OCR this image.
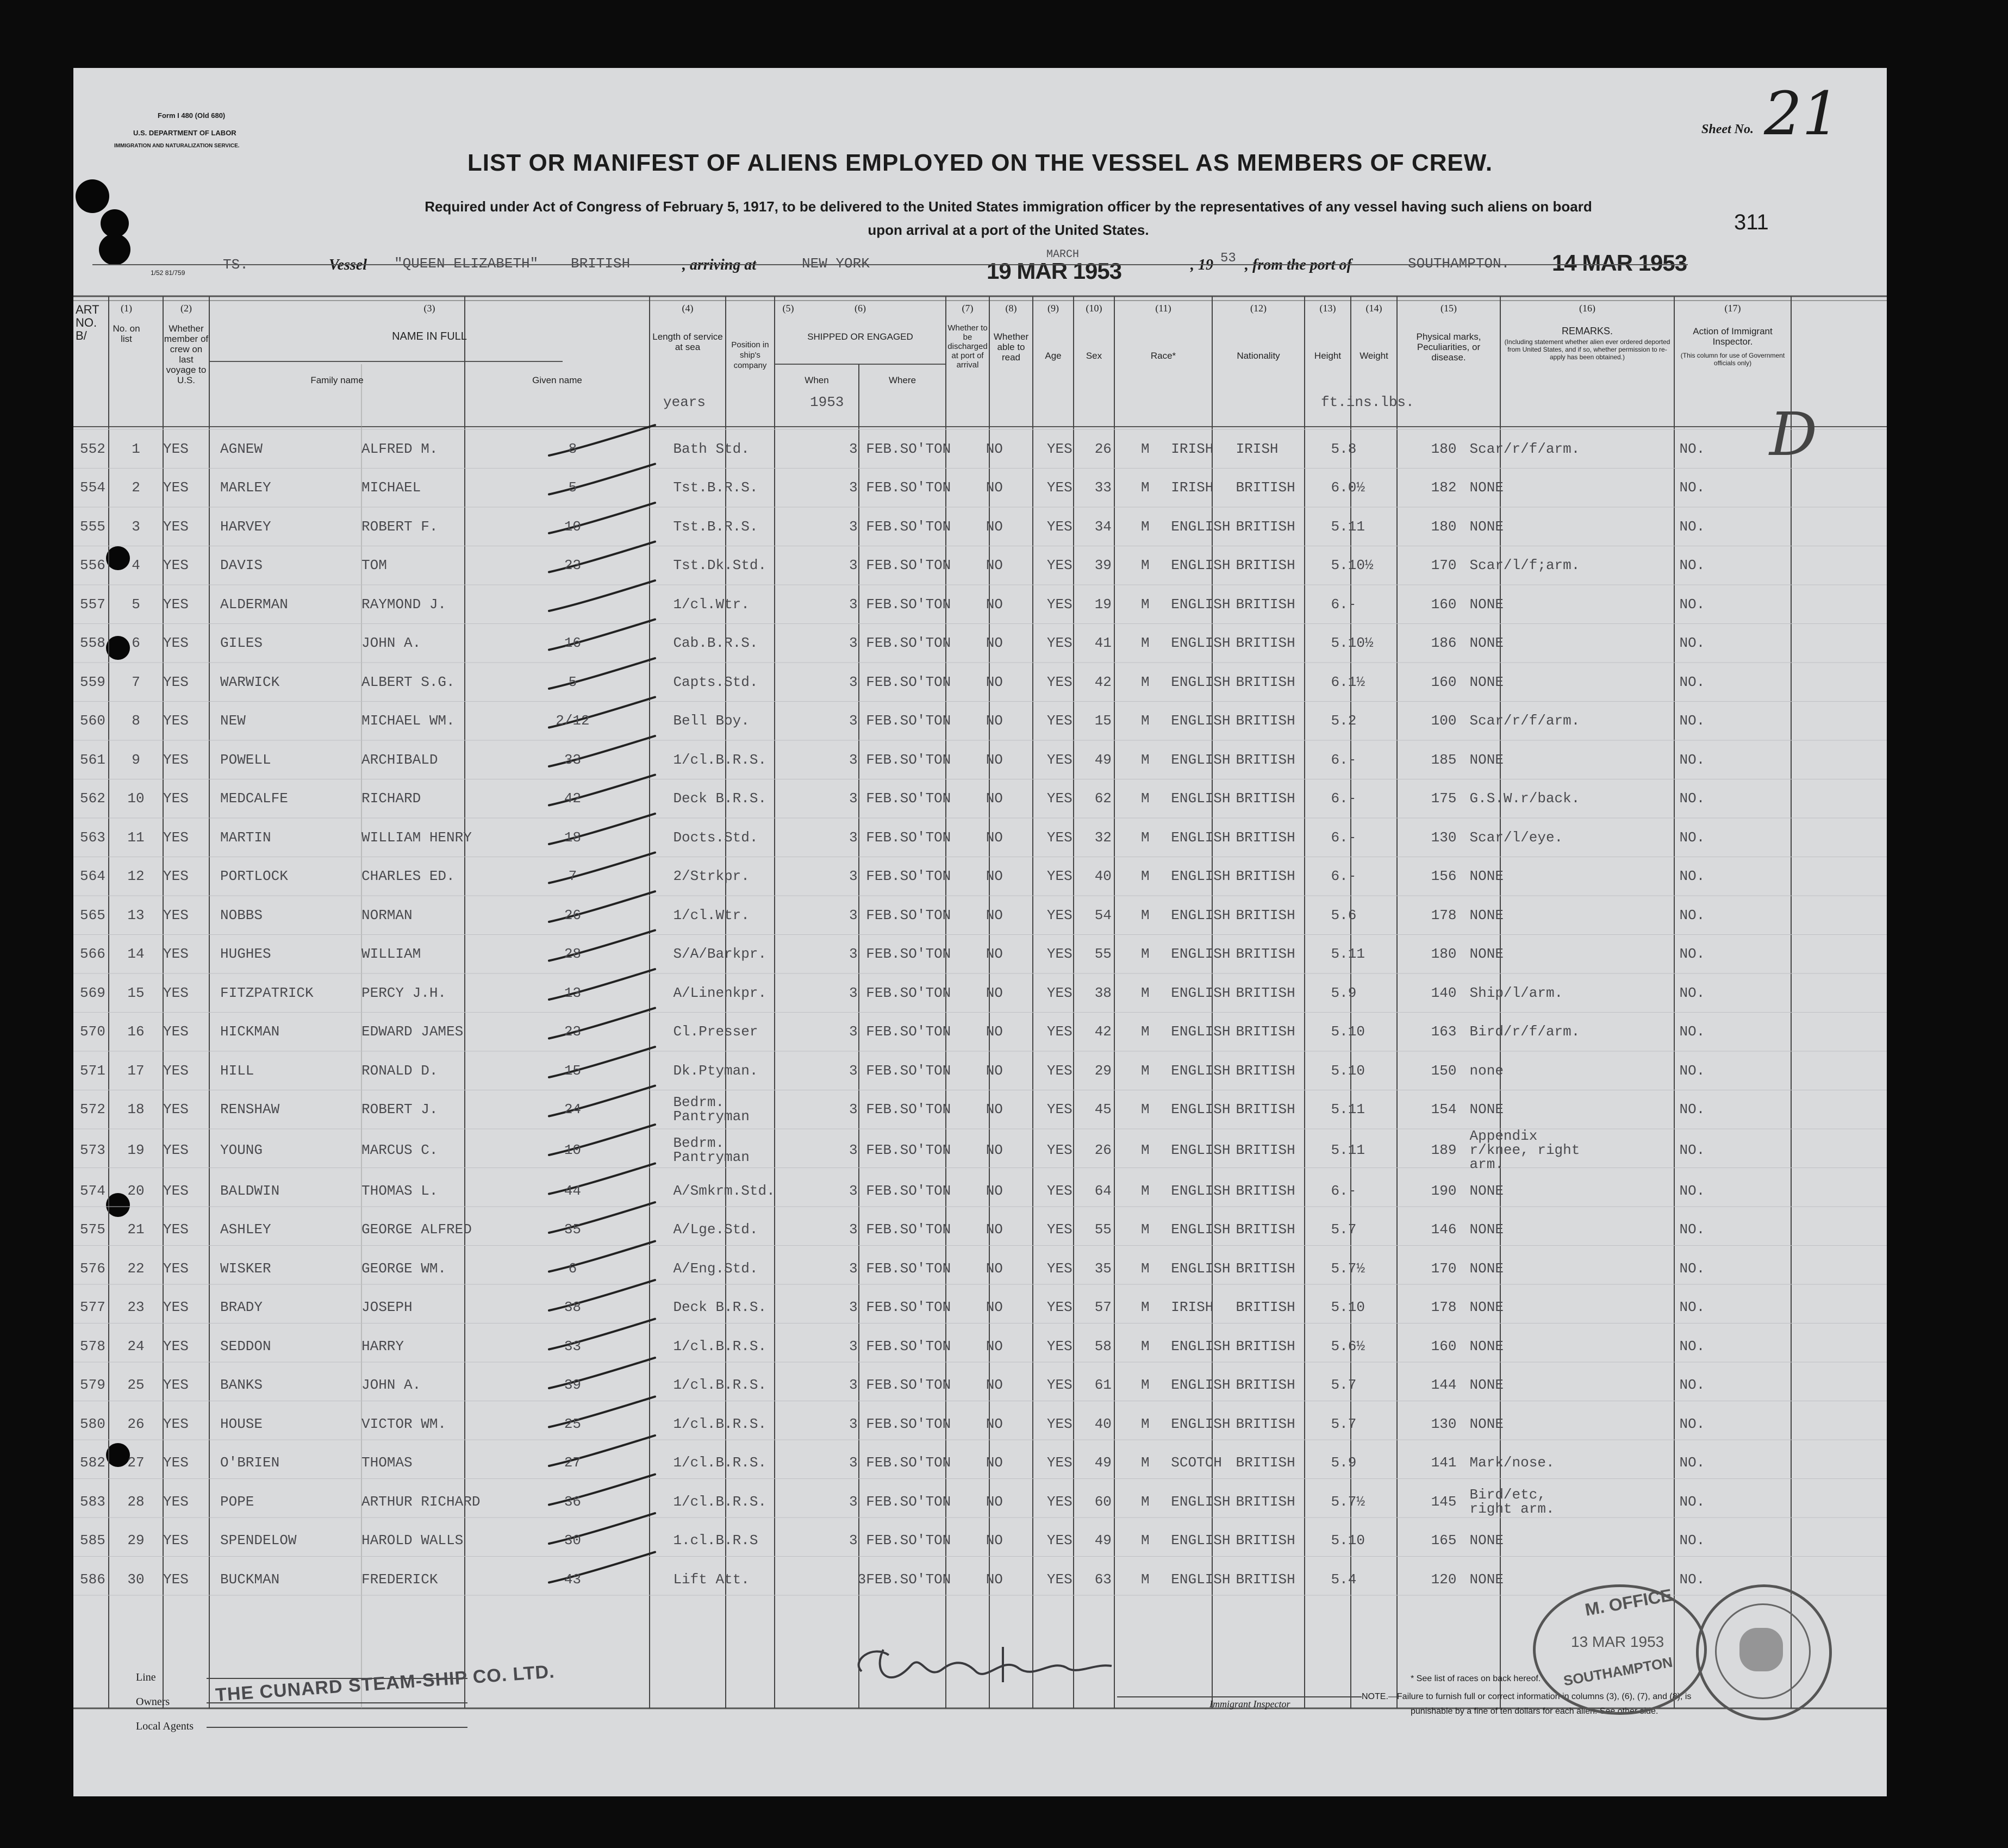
Form I 480 (Old 680)
U.S. DEPARTMENT OF LABOR
IMMIGRATION AND NATURALIZATION SERVICE.
1/52 81/759
Sheet No. 21
LIST OR MANIFEST OF ALIENS EMPLOYED ON THE VESSEL AS MEMBERS OF CREW.
Required under Act of Congress of February 5, 1917, to be delivered to the United States immigration officer by the representatives of any vessel having such aliens on board
upon arrival at a port of the United States.	311
TS.	Vessel "QUEEN ELIZABETH" BRITISH	, arriving at	NEW YORK
MARCH
19 MAR 1953	, 19 53 , from the port of	SOUTHAMPTON. 14 MAR 1953
(1)	(2)	(3)	(4)	(5)	(6)	(7)	(8)	(9)	(10)	(11)	(12)	(13)	(14)	(15)	(16)	(17)
ART NO. B/
No. on list
Whether member of crew on last voyage to U.S.
NAME IN FULL
Family name	Given name
Length of service at sea	Position in ship's company
SHIPPED OR ENGAGED
When	Where
Whether to be discharged at port of arrival
Whether able to read	Age	Sex	Race*	Nationality	Height	Weight
Physical marks, Peculiarities, or disease.
REMARKS.
(Including statement whether alien ever ordered deported from United States, and if so, whether permission to re-apply has been obtained.)
Action of Immigrant Inspector.
(This column for use of Government officials only)
years	1953	ft.ins.lbs.	D
552	1	YES	AGNEW	ALFRED M.	8	Bath Std.	3 FEB.	SO'TON	NO	YES	26	M	IRISH	IRISH	5.8	180	Scar/r/f/arm.	NO.
554	2	YES	MARLEY	MICHAEL	5	Tst.B.R.S.	3 FEB.	SO'TON	NO	YES	33	M	IRISH	BRITISH	6.0½	182	NONE	NO.
555	3	YES	HARVEY	ROBERT F.	10	Tst.B.R.S.	3 FEB.	SO'TON	NO	YES	34	M	ENGLISH	BRITISH	5.11	180	NONE	NO.
556	4	YES	DAVIS	TOM	23	Tst.Dk.Std.	3 FEB.	SO'TON	NO	YES	39	M	ENGLISH	BRITISH	5.10½	170	Scar/l/f;arm.	NO.
557	5	YES	ALDERMAN	RAYMOND J.		1/cl.Wtr.	3 FEB.	SO'TON	NO	YES	19	M	ENGLISH	BRITISH	6.-	160	NONE	NO.
558	6	YES	GILES	JOHN A.	16	Cab.B.R.S.	3 FEB.	SO'TON	NO	YES	41	M	ENGLISH	BRITISH	5.10½	186	NONE	NO.
559	7	YES	WARWICK	ALBERT S.G.	5	Capts.Std.	3 FEB.	SO'TON	NO	YES	42	M	ENGLISH	BRITISH	6.1½	160	NONE	NO.
560	8	YES	NEW	MICHAEL WM.	2/12	Bell Boy.	3 FEB.	SO'TON	NO	YES	15	M	ENGLISH	BRITISH	5.2	100	Scar/r/f/arm.	NO.
561	9	YES	POWELL	ARCHIBALD	33	1/cl.B.R.S.	3 FEB.	SO'TON	NO	YES	49	M	ENGLISH	BRITISH	6.-	185	NONE	NO.
562	10	YES	MEDCALFE	RICHARD	42	Deck B.R.S.	3 FEB.	SO'TON	NO	YES	62	M	ENGLISH	BRITISH	6.-	175	G.S.W.r/back.	NO.
563	11	YES	MARTIN	WILLIAM HENRY	18	Docts.Std.	3 FEB.	SO'TON	NO	YES	32	M	ENGLISH	BRITISH	6.-	130	Scar/l/eye.	NO.
564	12	YES	PORTLOCK	CHARLES ED.	7	2/Strkpr.	3 FEB.	SO'TON	NO	YES	40	M	ENGLISH	BRITISH	6.-	156	NONE	NO.
565	13	YES	NOBBS	NORMAN	26	1/cl.Wtr.	3 FEB.	SO'TON	NO	YES	54	M	ENGLISH	BRITISH	5.6	178	NONE	NO.
566	14	YES	HUGHES	WILLIAM	28	S/A/Barkpr.	3 FEB.	SO'TON	NO	YES	55	M	ENGLISH	BRITISH	5.11	180	NONE	NO.
569	15	YES	FITZPATRICK	PERCY J.H.	13	A/Linenkpr.	3 FEB.	SO'TON	NO	YES	38	M	ENGLISH	BRITISH	5.9	140	Ship/l/arm.	NO.
570	16	YES	HICKMAN	EDWARD JAMES	23	Cl.Presser	3 FEB.	SO'TON	NO	YES	42	M	ENGLISH	BRITISH	5.10	163	Bird/r/f/arm.	NO.
571	17	YES	HILL	RONALD D.	15	Dk.Ptyman.	3 FEB.	SO'TON	NO	YES	29	M	ENGLISH	BRITISH	5.10	150	none	NO.
572	18	YES	RENSHAW	ROBERT J.	24	Bedrm. Pantryman	3 FEB.	SO'TON	NO	YES	45	M	ENGLISH	BRITISH	5.11	154	NONE	NO.
573	19	YES	YOUNG	MARCUS C.	10	Bedrm. Pantryman	3 FEB.	SO'TON	NO	YES	26	M	ENGLISH	BRITISH	5.11	189	Appendix r/knee, right arm.	NO.
574	20	YES	BALDWIN	THOMAS L.	44	A/Smkrm.Std.	3 FEB.	SO'TON	NO	YES	64	M	ENGLISH	BRITISH	6.-	190	NONE	NO.
575	21	YES	ASHLEY	GEORGE ALFRED	35	A/Lge.Std.	3 FEB.	SO'TON	NO	YES	55	M	ENGLISH	BRITISH	5.7	146	NONE	NO.
576	22	YES	WISKER	GEORGE WM.	6	A/Eng.Std.	3 FEB.	SO'TON	NO	YES	35	M	ENGLISH	BRITISH	5.7½	170	NONE	NO.
577	23	YES	BRADY	JOSEPH	38	Deck B.R.S.	3 FEB.	SO'TON	NO	YES	57	M	IRISH	BRITISH	5.10	178	NONE	NO.
578	24	YES	SEDDON	HARRY	33	1/cl.B.R.S.	3 FEB.	SO'TON	NO	YES	58	M	ENGLISH	BRITISH	5.6½	160	NONE	NO.
579	25	YES	BANKS	JOHN A.	39	1/cl.B.R.S.	3 FEB.	SO'TON	NO	YES	61	M	ENGLISH	BRITISH	5.7	144	NONE	NO.
580	26	YES	HOUSE	VICTOR WM.	25	1/cl.B.R.S.	3 FEB.	SO'TON	NO	YES	40	M	ENGLISH	BRITISH	5.7	130	NONE	NO.
582	27	YES	O'BRIEN	THOMAS	27	1/cl.B.R.S.	3 FEB.	SO'TON	NO	YES	49	M	SCOTCH	BRITISH	5.9	141	Mark/nose.	NO.
583	28	YES	POPE	ARTHUR RICHARD	36	1/cl.B.R.S.	3 FEB.	SO'TON	NO	YES	60	M	ENGLISH	BRITISH	5.7½	145	Bird/etc, right arm.	NO.
585	29	YES	SPENDELOW	HAROLD WALLS	30	1.cl.B.R.S	3 FEB.	SO'TON	NO	YES	49	M	ENGLISH	BRITISH	5.10	165	NONE	NO.
586	30	YES	BUCKMAN	FREDERICK	43	Lift Att.	3FEB.	SO'TON	NO	YES	63	M	ENGLISH	BRITISH	5.4	120	NONE	NO.
Line
Owners
Local Agents
THE CUNARD STEAM-SHIP CO. LTD.	Immigrant Inspector
* See list of races on back hereof.
NOTE.—Failure to furnish full or correct information in columns (3), (6), (7), and (8), is
punishable by a fine of ten dollars for each alien. See other side.
M. OFFICE
13 MAR 1953
SOUTHAMPTON
